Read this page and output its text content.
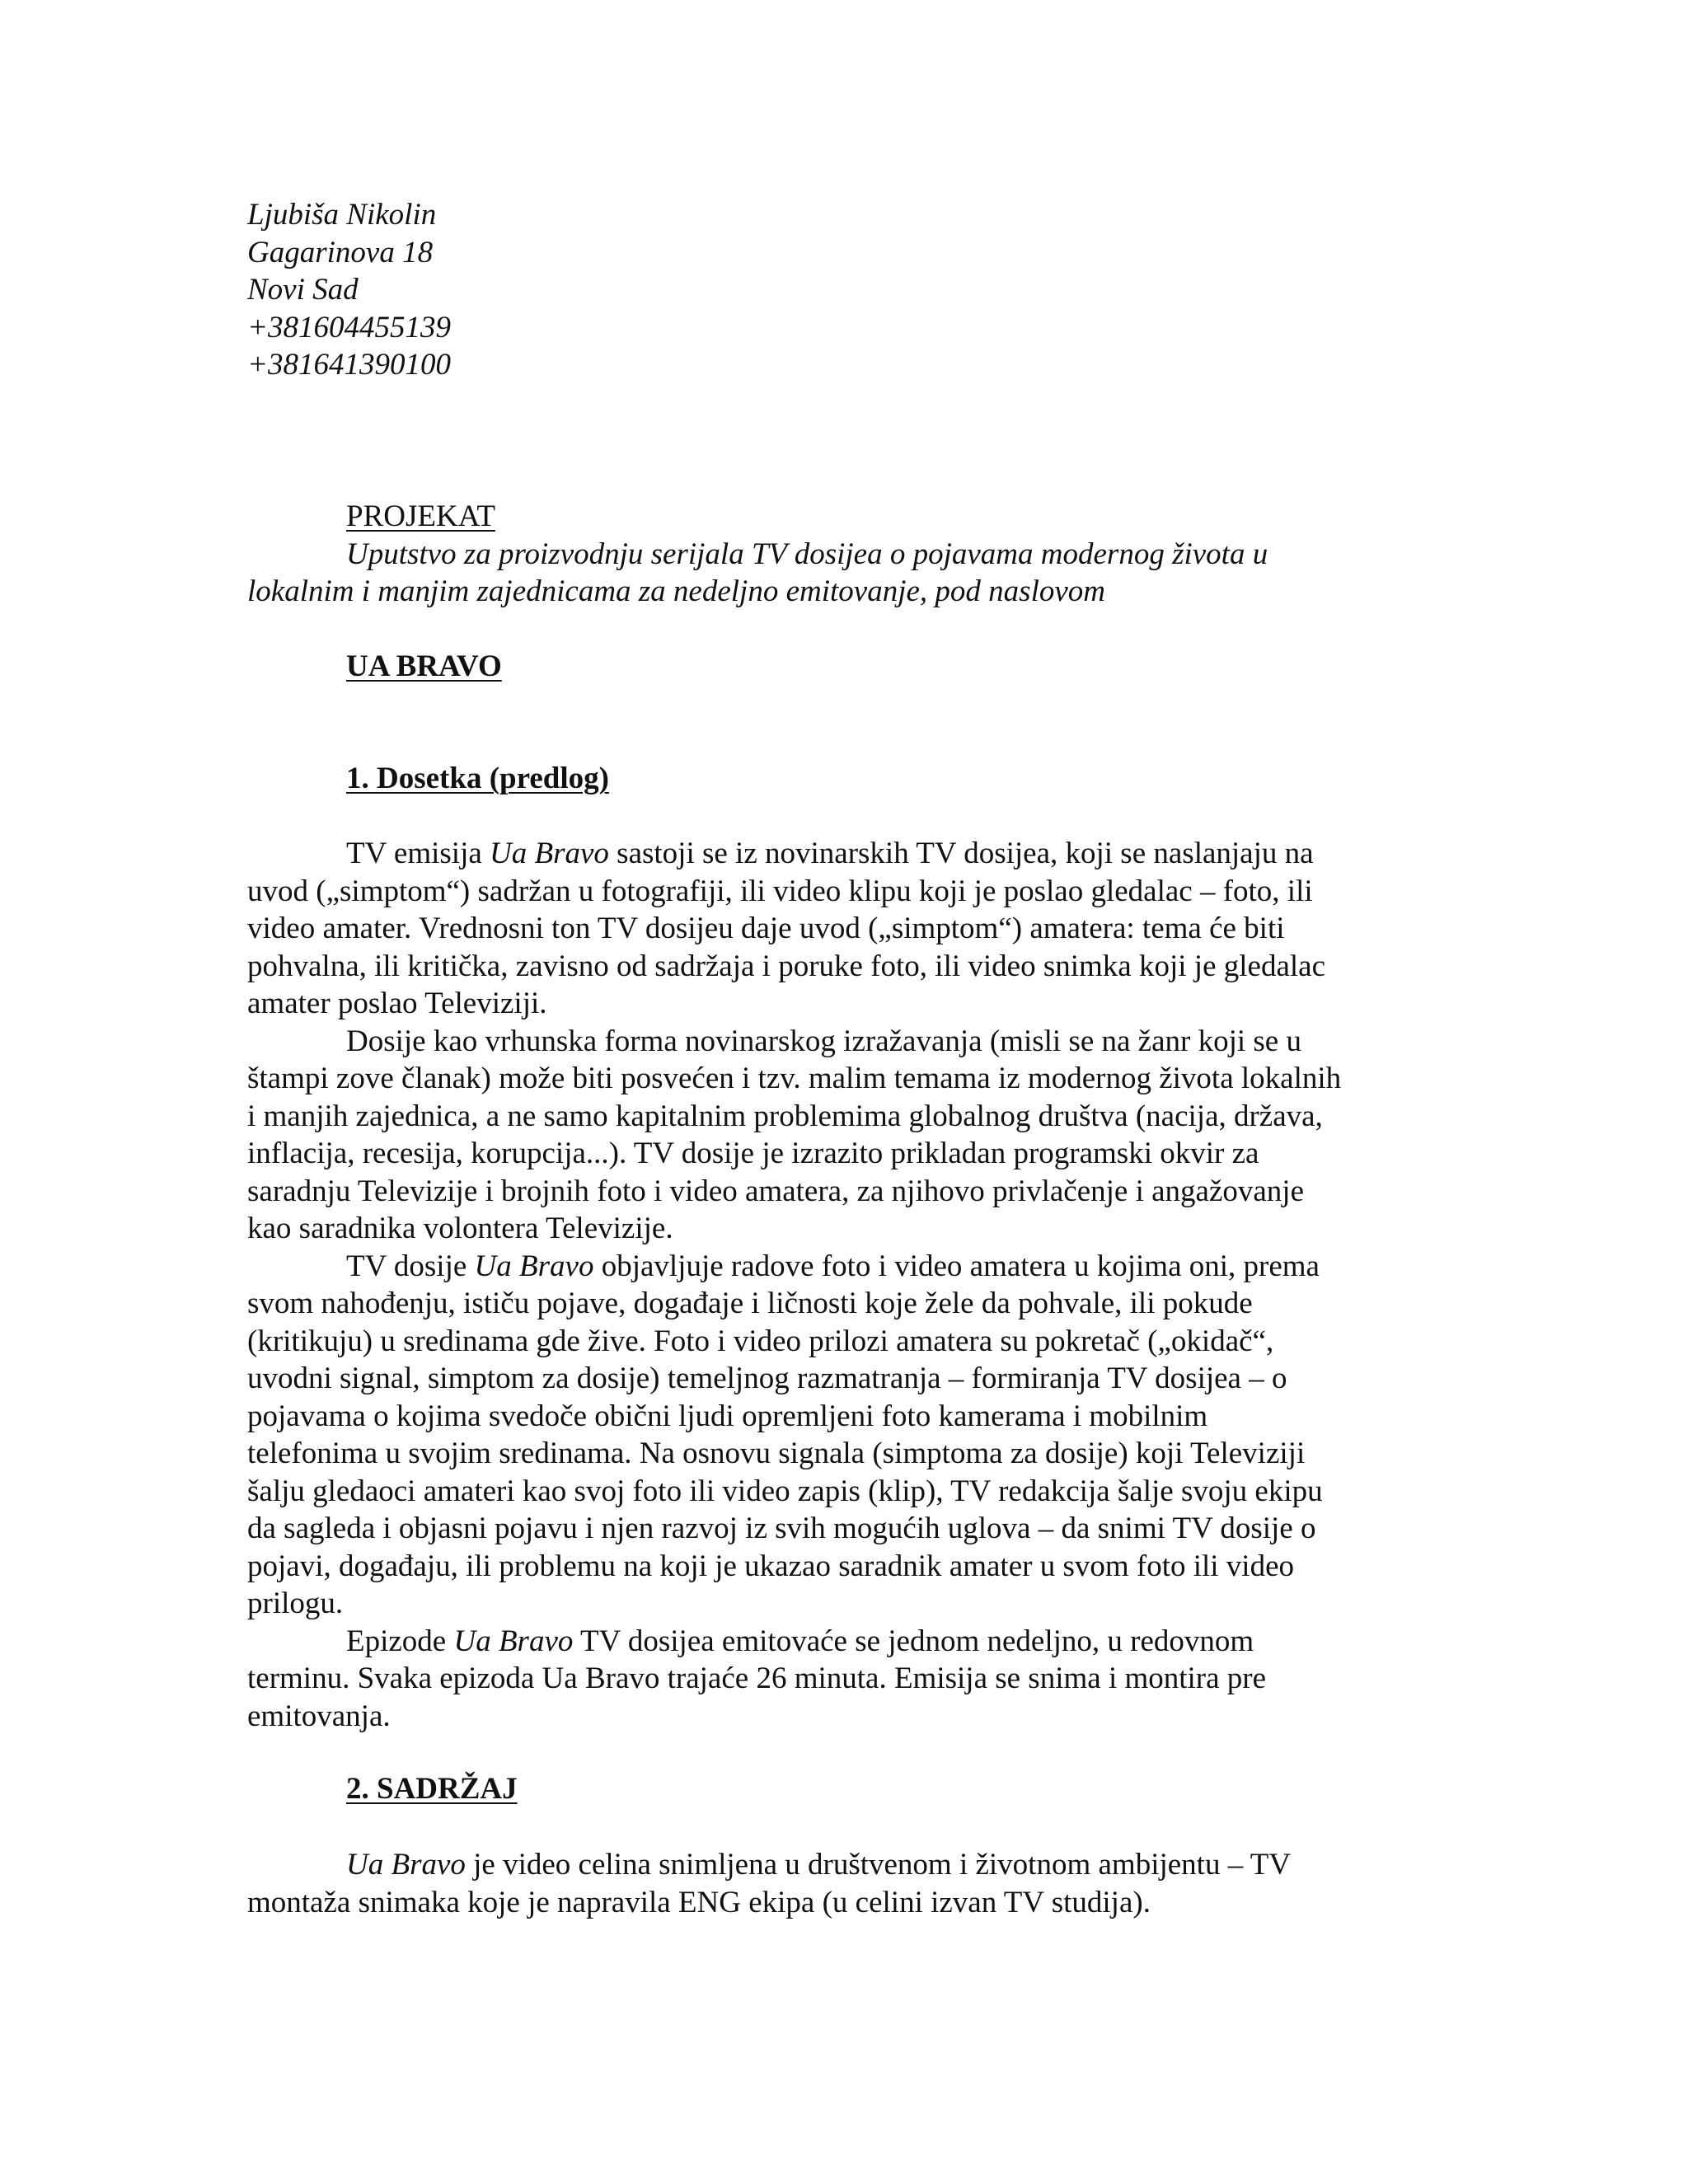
Ljubiša Nikolin
Gagarinova 18
Novi Sad
+381604455139
+381641390100
PROJEKAT
Uputstvo za proizvodnju serijala TV dosijea o pojavama modernog života u
lokalnim i manjim zajednicama za nedeljno emitovanje, pod naslovom
UA BRAVO
1. Dosetka (predlog)
TV emisija Ua Bravo sastoji se iz novinarskih TV dosijea, koji se naslanjaju na
uvod („simptom“) sadržan u fotografiji, ili video klipu koji je poslao gledalac – foto, ili
video amater. Vrednosni ton TV dosijeu daje uvod („simptom“) amatera: tema će biti
pohvalna, ili kritička, zavisno od sadržaja i poruke foto, ili video snimka koji je gledalac
amater poslao Televiziji.
Dosije kao vrhunska forma novinarskog izražavanja (misli se na žanr koji se u
štampi zove članak) može biti posvećen i tzv. malim temama iz modernog života lokalnih
i manjih zajednica, a ne samo kapitalnim problemima globalnog društva (nacija, država,
inflacija, recesija, korupcija...). TV dosije je izrazito prikladan programski okvir za
saradnju Televizije i brojnih foto i video amatera, za njihovo privlačenje i angažovanje
kao saradnika volontera Televizije.
TV dosije Ua Bravo objavljuje radove foto i video amatera u kojima oni, prema
svom nahođenju, ističu pojave, događaje i ličnosti koje žele da pohvale, ili pokude
(kritikuju) u sredinama gde žive. Foto i video prilozi amatera su pokretač („okidač“,
uvodni signal, simptom za dosije) temeljnog razmatranja – formiranja TV dosijea – o
pojavama o kojima svedoče obični ljudi opremljeni foto kamerama i mobilnim
telefonima u svojim sredinama. Na osnovu signala (simptoma za dosije) koji Televiziji
šalju gledaoci amateri kao svoj foto ili video zapis (klip), TV redakcija šalje svoju ekipu
da sagleda i objasni pojavu i njen razvoj iz svih mogućih uglova – da snimi TV dosije o
pojavi, događaju, ili problemu na koji je ukazao saradnik amater u svom foto ili video
prilogu.
Epizode Ua Bravo TV dosijea emitovaće se jednom nedeljno, u redovnom
terminu. Svaka epizoda Ua Bravo trajaće 26 minuta. Emisija se snima i montira pre
emitovanja.
2. SADRŽAJ
Ua Bravo je video celina snimljena u društvenom i životnom ambijentu – TV
montaža snimaka koje je napravila ENG ekipa (u celini izvan TV studija).
